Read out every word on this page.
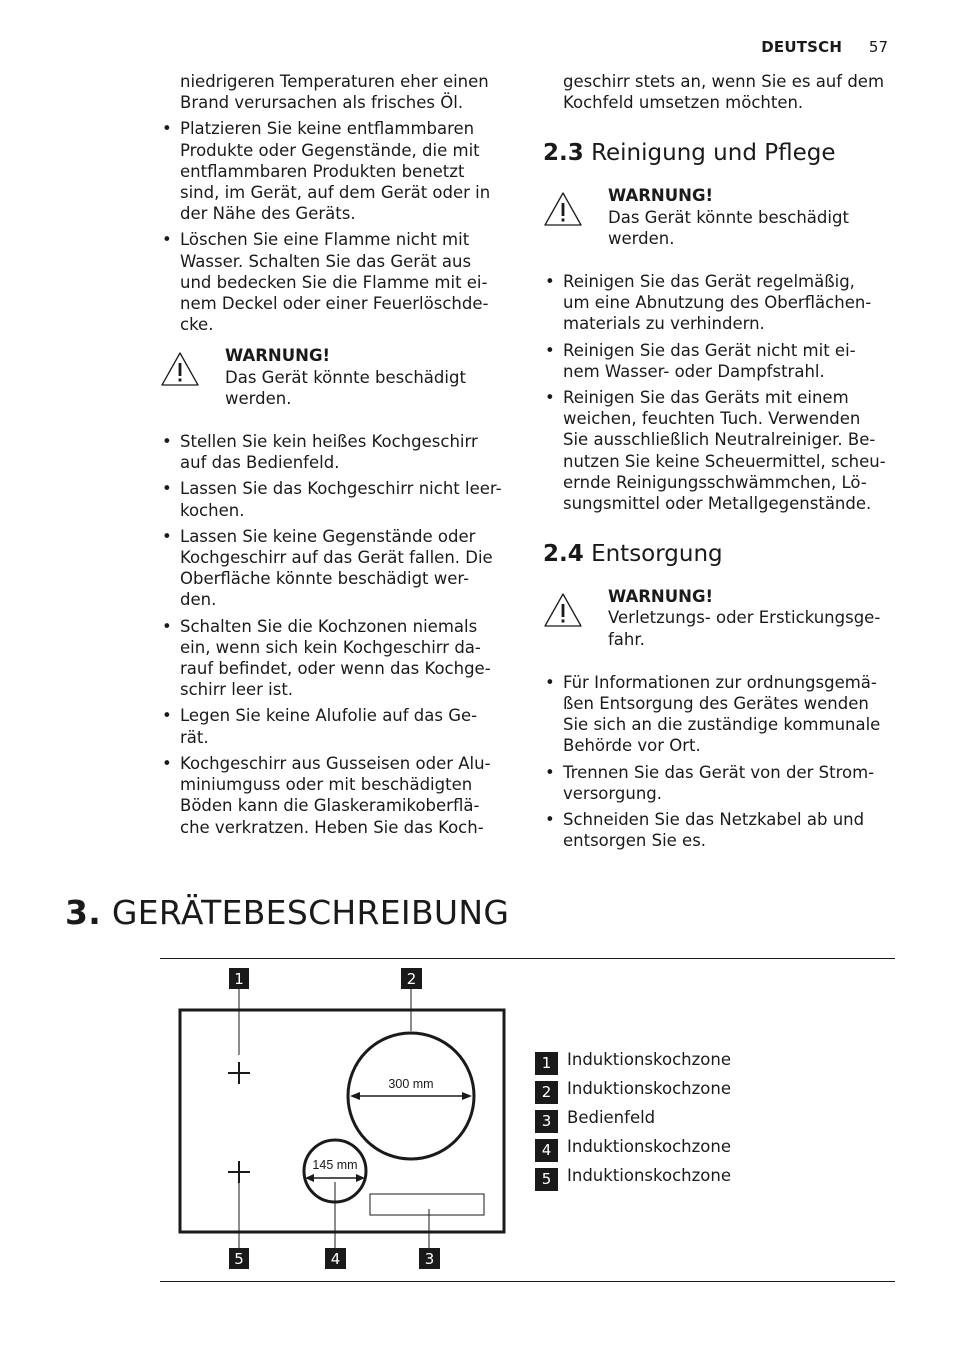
DEUTSCH 57

niedrigeren Temperaturen eher einen
Brand verursachen als frisches Öl.

• Platzieren Sie keine entflammbaren
Produkte oder Gegenstände, die mit
entflammbaren Produkten benetzt
sind, im Gerät, auf dem Gerät oder in
der Nähe des Geräts.
• Löschen Sie eine Flamme nicht mit
Wasser. Schalten Sie das Gerät aus
und bedecken Sie die Flamme mit ei-
nem Deckel oder einer Feuerlöschde-
cke.
WARNUNG!
Das Gerät könnte beschädigt
werden.
• Stellen Sie kein heißes Kochgeschirr
auf das Bedienfeld.
• Lassen Sie das Kochgeschirr nicht leer-
kochen.
• Lassen Sie keine Gegenstände oder
Kochgeschirr auf das Gerät fallen. Die
Oberfläche könnte beschädigt wer-
den.
• Schalten Sie die Kochzonen niemals
ein, wenn sich kein Kochgeschirr da-
rauf befindet, oder wenn das Kochge-
schirr leer ist.
• Legen Sie keine Alufolie auf das Ge-
rät.
• Kochgeschirr aus Gusseisen oder Alu-
miniumguss oder mit beschädigten
Böden kann die Glaskeramikoberflä-
che verkratzen. Heben Sie das Koch-

geschirr stets an, wenn Sie es auf dem
Kochfeld umsetzen möchten.

2.3 Reinigung und Pflege
WARNUNG!
Das Gerät könnte beschädigt
werden.
• Reinigen Sie das Gerät regelmäßig,
um eine Abnutzung des Oberflächen-
materials zu verhindern.
• Reinigen Sie das Gerät nicht mit ei-
nem Wasser- oder Dampfstrahl.
• Reinigen Sie das Geräts mit einem
weichen, feuchten Tuch. Verwenden
Sie ausschließlich Neutralreiniger. Be-
nutzen Sie keine Scheuermittel, scheu-
ernde Reinigungsschwämmchen, Lö-
sungsmittel oder Metallgegenstände.
2.4 Entsorgung
WARNUNG!
Verletzungs- oder Erstickungsge-
fahr.
• Für Informationen zur ordnungsgemä-
ßen Entsorgung des Gerätes wenden
Sie sich an die zuständige kommunale
Behörde vor Ort.
• Trennen Sie das Gerät von der Strom-
versorgung.
• Schneiden Sie das Netzkabel ab und
entsorgen Sie es.
3. GERÄTEBESCHREIBUNG
1	2
300 mm
145 mm
5	4	3
1 Induktionskochzone
2 Induktionskochzone
3 Bedienfeld
4 Induktionskochzone
5 Induktionskochzone
